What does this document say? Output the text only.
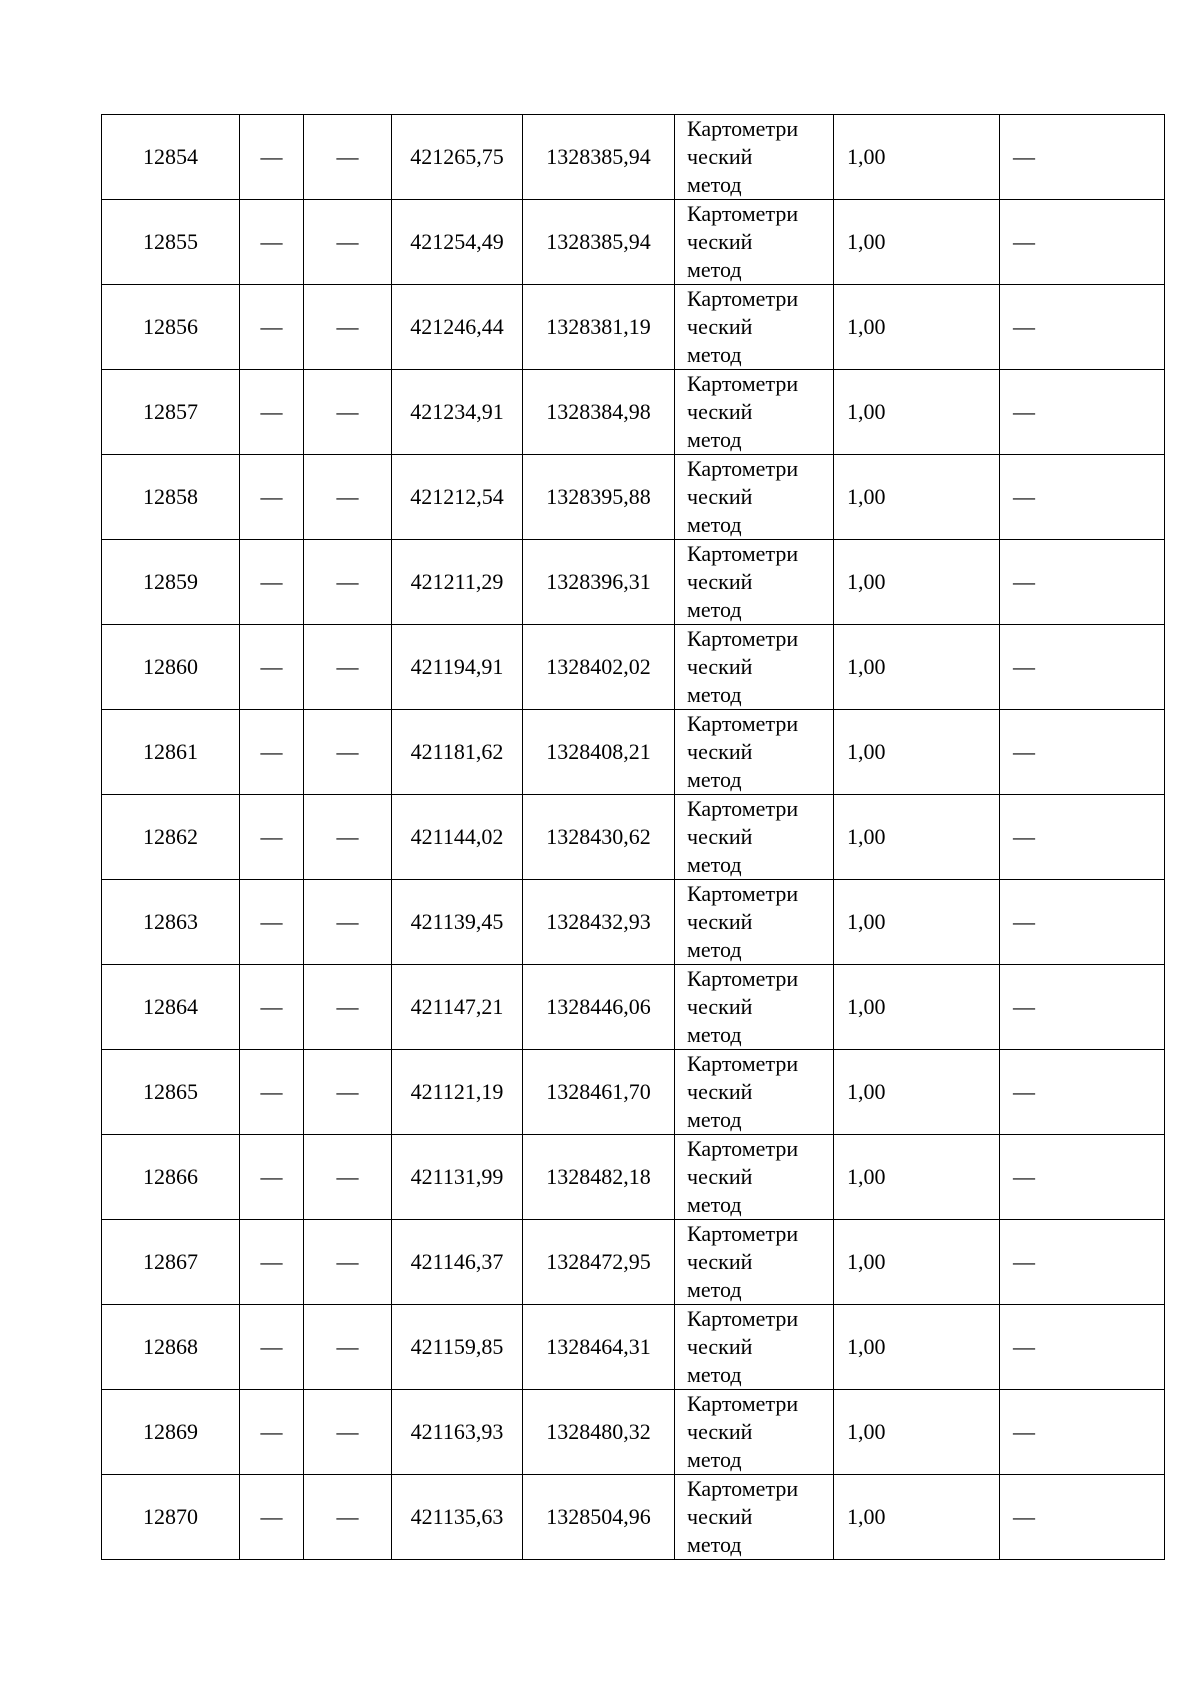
12854	—	—	421265,75	1328385,94	Картометри
ческий
метод	1,00	—
12855	—	—	421254,49	1328385,94	Картометри
ческий
метод	1,00	—
12856	—	—	421246,44	1328381,19	Картометри
ческий
метод	1,00	—
12857	—	—	421234,91	1328384,98	Картометри
ческий
метод	1,00	—
12858	—	—	421212,54	1328395,88	Картометри
ческий
метод	1,00	—
12859	—	—	421211,29	1328396,31	Картометри
ческий
метод	1,00	—
12860	—	—	421194,91	1328402,02	Картометри
ческий
метод	1,00	—
12861	—	—	421181,62	1328408,21	Картометри
ческий
метод	1,00	—
12862	—	—	421144,02	1328430,62	Картометри
ческий
метод	1,00	—
12863	—	—	421139,45	1328432,93	Картометри
ческий
метод	1,00	—
12864	—	—	421147,21	1328446,06	Картометри
ческий
метод	1,00	—
12865	—	—	421121,19	1328461,70	Картометри
ческий
метод	1,00	—
12866	—	—	421131,99	1328482,18	Картометри
ческий
метод	1,00	—
12867	—	—	421146,37	1328472,95	Картометри
ческий
метод	1,00	—
12868	—	—	421159,85	1328464,31	Картометри
ческий
метод	1,00	—
12869	—	—	421163,93	1328480,32	Картометри
ческий
метод	1,00	—
12870	—	—	421135,63	1328504,96	Картометри
ческий
метод	1,00	—
